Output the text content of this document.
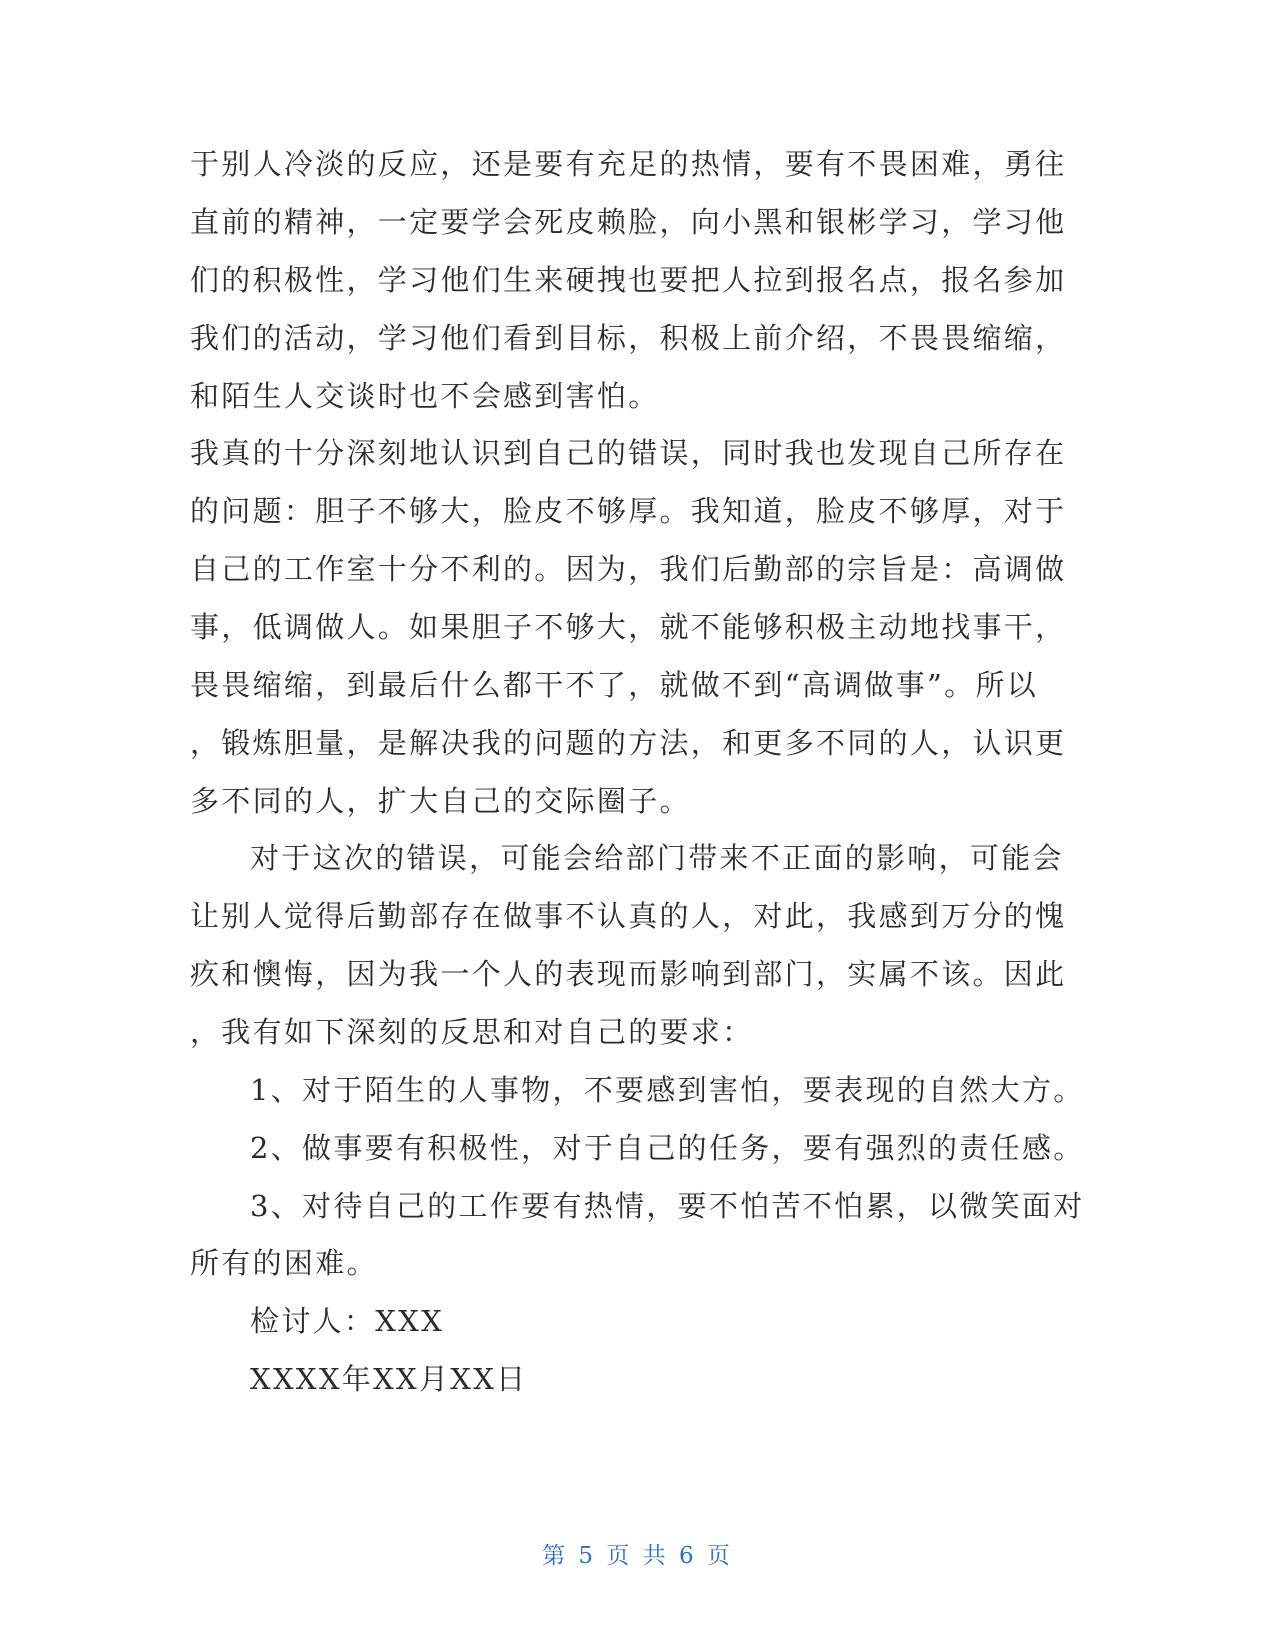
于别人冷淡的反应，还是要有充足的热情，要有不畏困难，勇往
直前的精神，一定要学会死皮赖脸，向小黑和银彬学习，学习他
们的积极性，学习他们生来硬拽也要把人拉到报名点，报名参加
我们的活动，学习他们看到目标，积极上前介绍，不畏畏缩缩，
和陌生人交谈时也不会感到害怕。
我真的十分深刻地认识到自己的错误，同时我也发现自己所存在
的问题：胆子不够大，脸皮不够厚。我知道，脸皮不够厚，对于
自己的工作室十分不利的。因为，我们后勤部的宗旨是：高调做
事，低调做人。如果胆子不够大，就不能够积极主动地找事干，
畏畏缩缩，到最后什么都干不了，就做不到“高调做事”。所以
，锻炼胆量，是解决我的问题的方法，和更多不同的人，认识更
多不同的人，扩大自己的交际圈子。
对于这次的错误，可能会给部门带来不正面的影响，可能会
让别人觉得后勤部存在做事不认真的人，对此，我感到万分的愧
疚和懊悔，因为我一个人的表现而影响到部门，实属不该。因此
，我有如下深刻的反思和对自己的要求：
1、对于陌生的人事物，不要感到害怕，要表现的自然大方。
2、做事要有积极性，对于自己的任务，要有强烈的责任感。
3、对待自己的工作要有热情，要不怕苦不怕累，以微笑面对
所有的困难。
检讨人：XXX
XXXX年XX月XX日
第 5 页 共 6 页
